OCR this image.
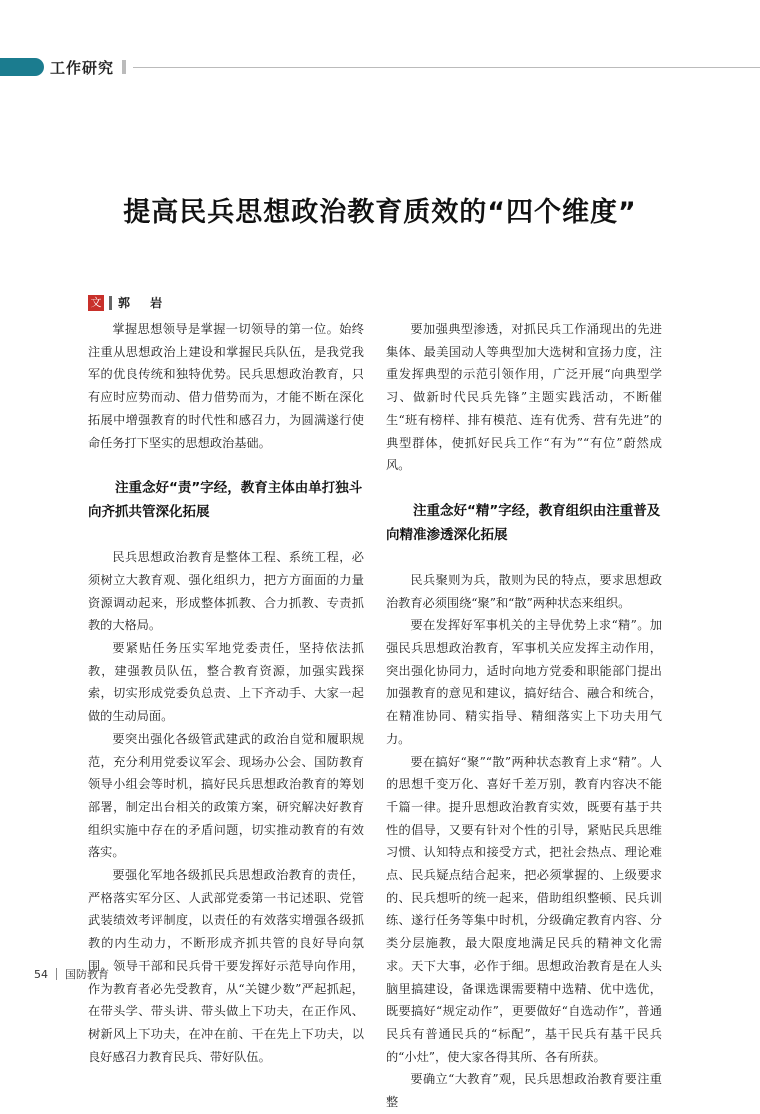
工作研究
提高民兵思想政治教育质效的“四个维度”
文 郭 岩

掌握思想领导是掌握一切领导的第一位。始终注重从思想政治上建设和掌握民兵队伍，是我党我军的优良传统和独特优势。民兵思想政治教育，只有应时应势而动、借力借势而为，才能不断在深化拓展中增强教育的时代性和感召力，为圆满遂行使命任务打下坚实的思想政治基础。

注重念好“责”字经，教育主体由单打独斗
向齐抓共管深化拓展

民兵思想政治教育是整体工程、系统工程，必须树立大教育观、强化组织力，把方方面面的力量资源调动起来，形成整体抓教、合力抓教、专责抓教的大格局。

要紧贴任务压实军地党委责任，坚持依法抓教，建强教员队伍，整合教育资源，加强实践探索，切实形成党委负总责、上下齐动手、大家一起做的生动局面。

要突出强化各级管武建武的政治自觉和履职规范，充分利用党委议军会、现场办公会、国防教育领导小组会等时机，搞好民兵思想政治教育的筹划部署，制定出台相关的政策方案，研究解决好教育组织实施中存在的矛盾问题，切实推动教育的有效落实。

要强化军地各级抓民兵思想政治教育的责任，严格落实军分区、人武部党委第一书记述职、党管武装绩效考评制度，以责任的有效落实增强各级抓教的内生动力，不断形成齐抓共管的良好导向氛围。领导干部和民兵骨干要发挥好示范导向作用，作为教育者必先受教育，从“关键少数”严起抓起，在带头学、带头讲、带头做上下功夫，在正作风、树新风上下功夫，在冲在前、干在先上下功夫，以良好感召力教育民兵、带好队伍。

要加强典型渗透，对抓民兵工作涌现出的先进集体、最美国动人等典型加大选树和宣扬力度，注重发挥典型的示范引领作用，广泛开展“向典型学习、做新时代民兵先锋”主题实践活动，不断催生“班有榜样、排有模范、连有优秀、营有先进”的典型群体，使抓好民兵工作“有为”“有位”蔚然成风。

注重念好“精”字经，教育组织由注重普及
向精准渗透深化拓展

民兵聚则为兵，散则为民的特点，要求思想政治教育必须围绕“聚”和“散”两种状态来组织。

要在发挥好军事机关的主导优势上求“精”。加强民兵思想政治教育，军事机关应发挥主动作用，突出强化协同力，适时向地方党委和职能部门提出加强教育的意见和建议，搞好结合、融合和统合，在精准协同、精实指导、精细落实上下功夫用气力。

要在搞好“聚”“散”两种状态教育上求“精”。人的思想千变万化、喜好千差万别，教育内容决不能千篇一律。提升思想政治教育实效，既要有基于共性的倡导，又要有针对个性的引导，紧贴民兵思维习惯、认知特点和接受方式，把社会热点、理论难点、民兵疑点结合起来，把必须掌握的、上级要求的、民兵想听的统一起来，借助组织整顿、民兵训练、遂行任务等集中时机，分级确定教育内容、分类分层施教，最大限度地满足民兵的精神文化需求。天下大事，必作于细。思想政治教育是在人头脑里搞建设，备课选课需要精中选精、优中选优，既要搞好“规定动作”，更要做好“自选动作”，普通民兵有普通民兵的“标配”，基干民兵有基干民兵的“小灶”，使大家各得其所、各有所获。

要确立“大教育”观，民兵思想政治教育要注重整

54 国防教育
